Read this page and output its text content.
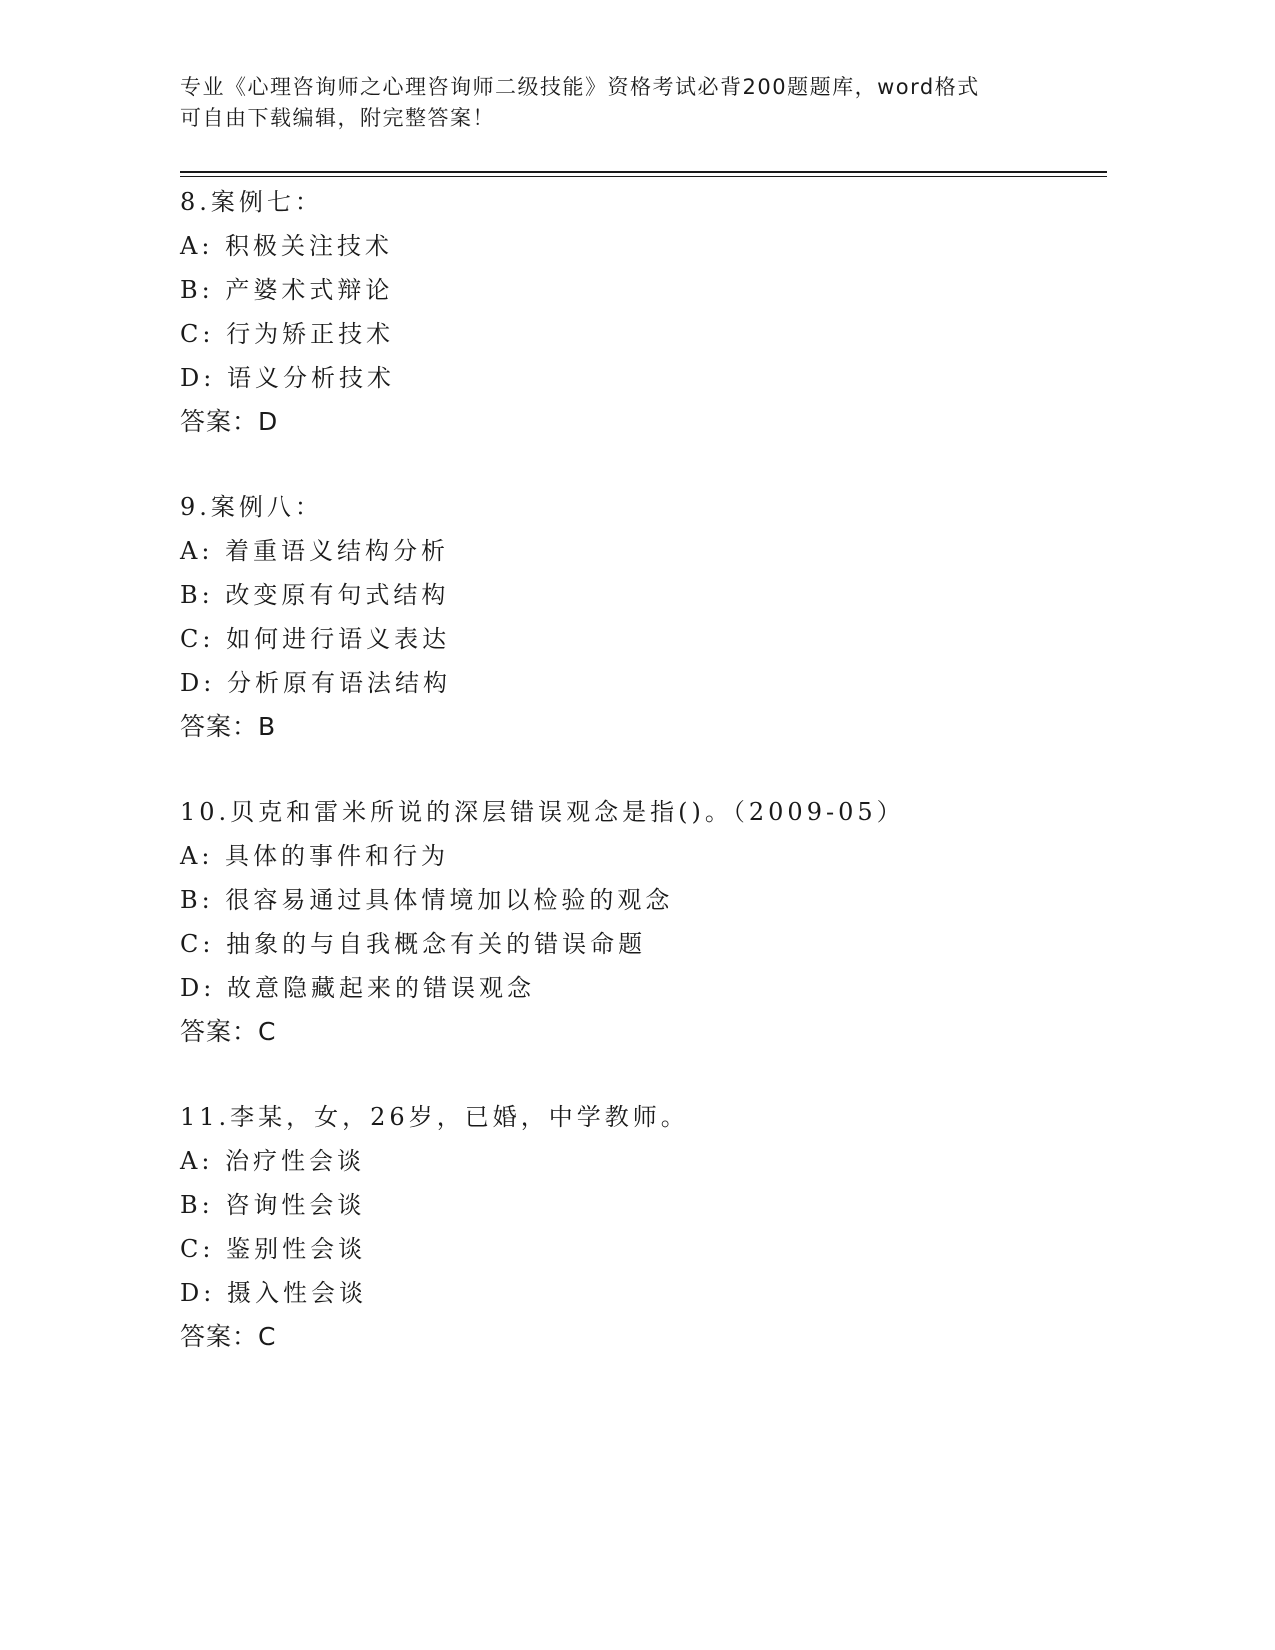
专业《心理咨询师之心理咨询师二级技能》资格考试必背200题题库，word格式
可自由下载编辑，附完整答案！
8.案例七：
A: 积极关注技术
B: 产婆术式辩论
C: 行为矫正技术
D: 语义分析技术
答案：D
9.案例八：
A: 着重语义结构分析
B: 改变原有句式结构
C: 如何进行语义表达
D: 分析原有语法结构
答案：B
10.贝克和雷米所说的深层错误观念是指()。（2009-05）
A: 具体的事件和行为
B: 很容易通过具体情境加以检验的观念
C: 抽象的与自我概念有关的错误命题
D: 故意隐藏起来的错误观念
答案：C
11.李某，女，26岁，已婚，中学教师。
A: 治疗性会谈
B: 咨询性会谈
C: 鉴别性会谈
D: 摄入性会谈
答案：C
